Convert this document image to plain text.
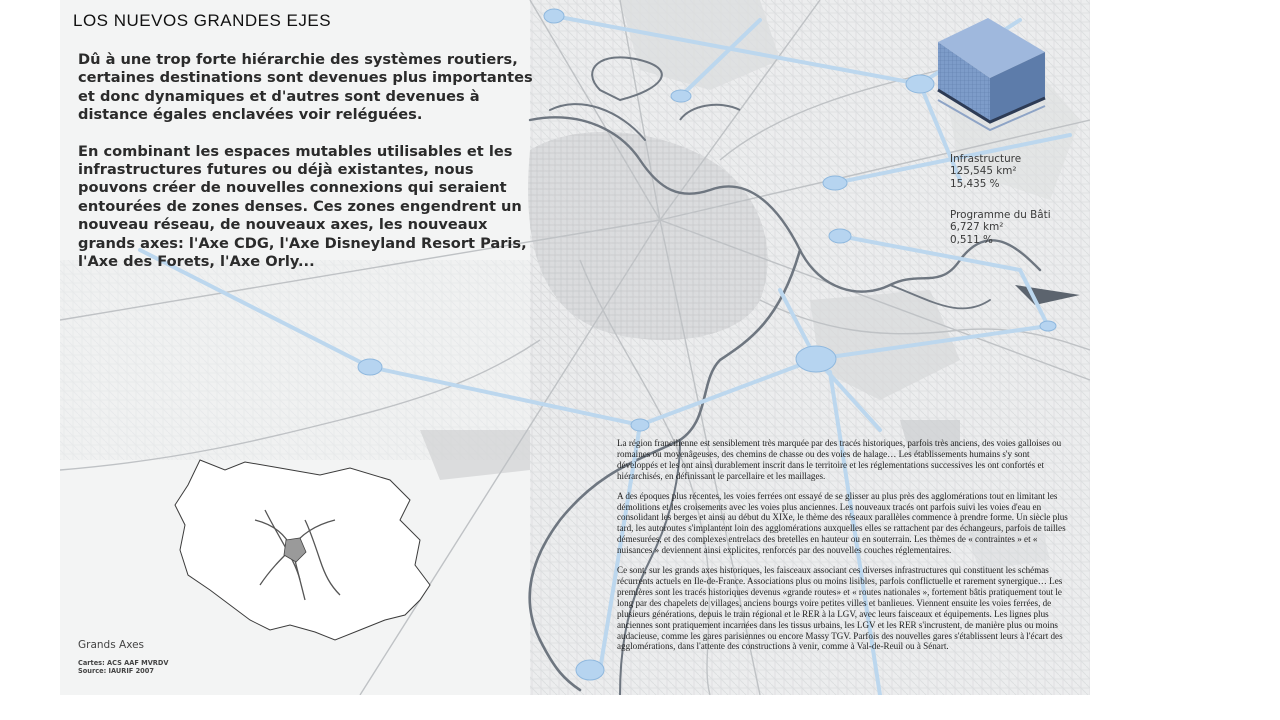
LOS NUEVOS GRANDES EJES

Dû à une trop forte hiérarchie des systèmes routiers, certaines destinations sont devenues plus importantes et donc dynamiques et d'autres sont devenues à distance égales enclavées voir reléguées.

En combinant les espaces mutables utilisables et les infrastructures futures ou déjà existantes, nous pouvons créer de nouvelles connexions qui seraient entourées de zones denses. Ces zones engendrent un nouveau réseau, de nouveaux axes, les nouveaux grands axes: l'Axe CDG, l'Axe Disneyland Resort Paris, l'Axe des Forets, l'Axe Orly...

Infrastructure
125,545 km²
15,435 %
Programme du Bâti
6,727 km²
0,511 %

La région francilienne est sensiblement très marquée par des tracés historiques, parfois très anciens, des voies galloises ou romaines ou moyenâgeuses, des chemins de chasse ou des voies de halage… Les établissements humains s'y sont développés et les ont ainsi durablement inscrit dans le territoire et les réglementations successives les ont confortés et hiérarchisés, en définissant le parcellaire et les maillages.

A des époques plus récentes, les voies ferrées ont essayé de se glisser au plus près des agglomérations tout en limitant les démolitions et les croisements avec les voies plus anciennes. Les nouveaux tracés ont parfois suivi les voies d'eau en consolidant les berges et ainsi au début du XIXe, le thème des réseaux parallèles commence à prendre forme. Un siècle plus tard, les autoroutes s'implantent loin des agglomérations auxquelles elles se rattachent par des échangeurs, parfois de tailles démesurées, et des complexes entrelacs des bretelles en hauteur ou en souterrain. Les thèmes de « contraintes » et « nuisances » deviennent ainsi explicites, renforcés par des nouvelles couches réglementaires.

Ce sont, sur les grands axes historiques, les faisceaux associant ces diverses infrastructures qui constituent les schémas récurrents actuels en Ile-de-France. Associations plus ou moins lisibles, parfois conflictuelle et rarement synergique… Les premières sont les tracés historiques devenus «grande routes» et « routes nationales », fortement bâtis pratiquement tout le long par des chapelets de villages, anciens bourgs voire petites villes et banlieues. Viennent ensuite les voies ferrées, de plusieurs générations, depuis le train régional et le RER à la LGV, avec leurs faisceaux et équipements. Les lignes plus anciennes sont pratiquement incarnées dans les tissus urbains, les LGV et les RER s'incrustent, de manière plus ou moins audacieuse, comme les gares parisiennes ou encore Massy TGV. Parfois des nouvelles gares s'établissent leurs à l'écart des agglomérations, dans l'attente des constructions à venir, comme à Val-de-Reuil ou à Sénart.

Grands Axes
Cartes: ACS AAF MVRDV
Source: IAURIF 2007
